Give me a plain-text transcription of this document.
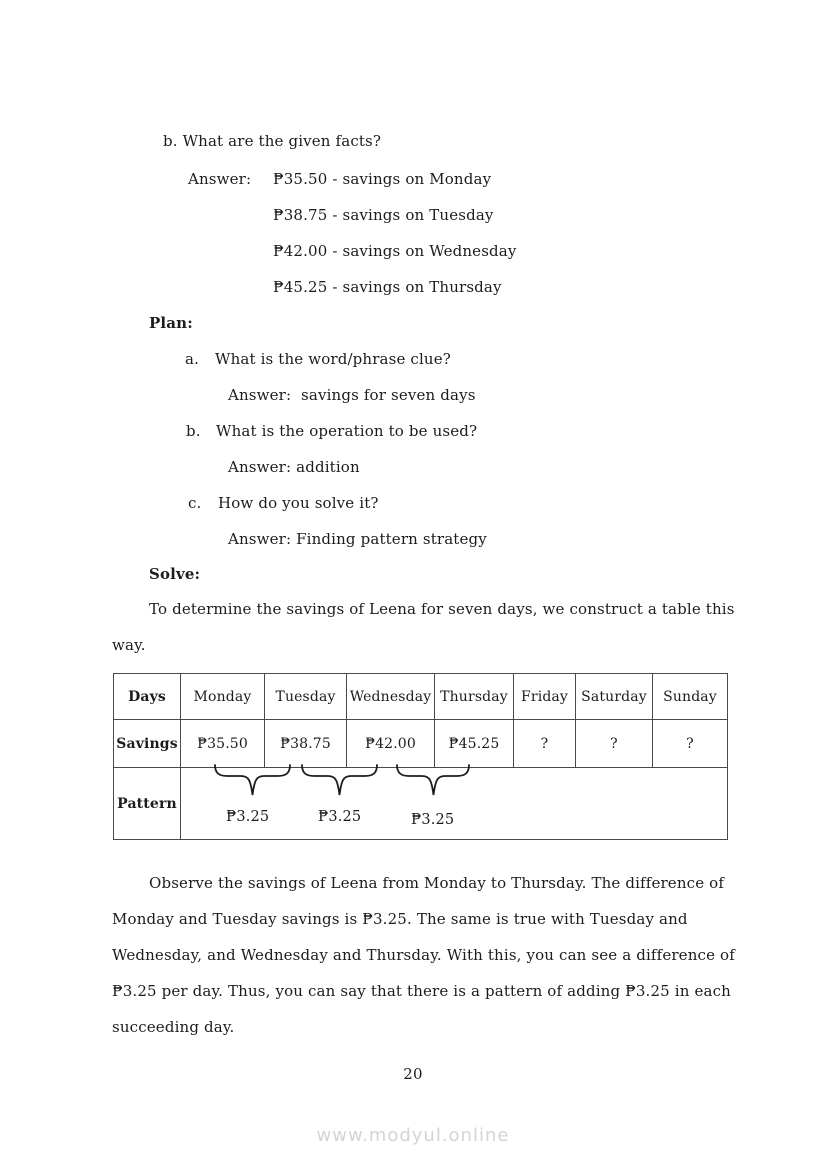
b. What are the given facts?
Answer: ₱35.50 - savings on Monday
₱38.75 - savings on Tuesday
₱42.00 - savings on Wednesday
₱45.25 - savings on Thursday
Plan:
a. What is the word/phrase clue?
Answer:  savings for seven days
b. What is the operation to be used?
Answer: addition
c. How do you solve it?
Answer: Finding pattern strategy
Solve:
To determine the savings of Leena for seven days, we construct a table this
way.
Days	Monday	Tuesday	Wednesday	Thursday	Friday	Saturday	Sunday
Savings	₱35.50	₱38.75	₱42.00	₱45.25	?	?	?
Pattern	₱3.25 ₱3.25 ₱3.25						
Observe the savings of Leena from Monday to Thursday. The difference of
Monday and Tuesday savings is ₱3.25. The same is true with Tuesday and
Wednesday, and Wednesday and Thursday. With this, you can see a difference of
₱3.25 per day. Thus, you can say that there is a pattern of adding ₱3.25 in each
succeeding day.
20
www.modyul.online
